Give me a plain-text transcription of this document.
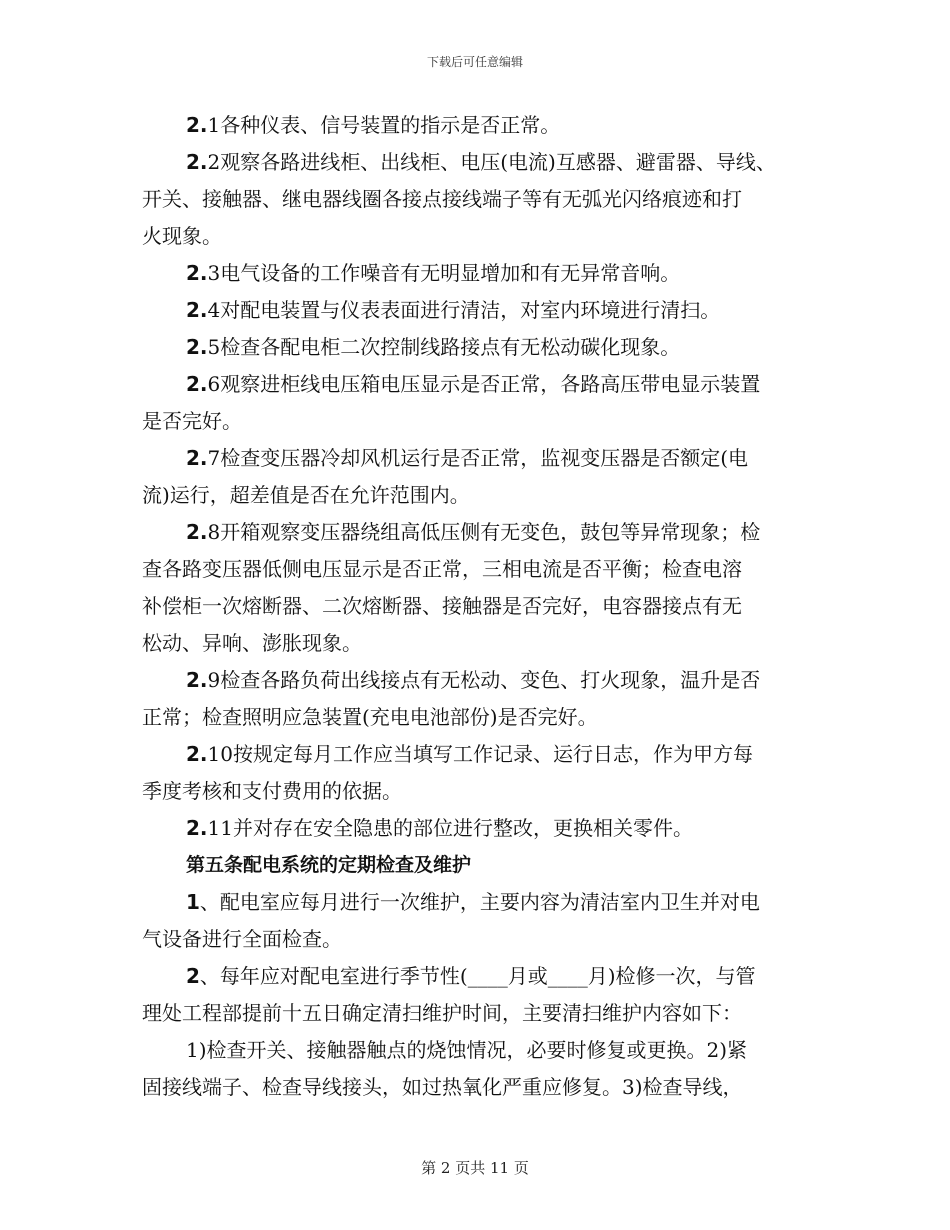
下载后可任意编辑

2.1各种仪表、信号装置的指示是否正常。

2.2观察各路进线柜、出线柜、电压(电流)互感器、避雷器、导线、
开关、接触器、继电器线圈各接点接线端子等有无弧光闪络痕迹和打
火现象。

2.3电气设备的工作噪音有无明显增加和有无异常音响。

2.4对配电装置与仪表表面进行清洁，对室内环境进行清扫。

2.5检查各配电柜二次控制线路接点有无松动碳化现象。

2.6观察进柜线电压箱电压显示是否正常，各路高压带电显示装置
是否完好。

2.7检查变压器冷却风机运行是否正常，监视变压器是否额定(电
流)运行，超差值是否在允许范围内。

2.8开箱观察变压器绕组高低压侧有无变色，鼓包等异常现象；检
查各路变压器低侧电压显示是否正常，三相电流是否平衡；检查电溶
补偿柜一次熔断器、二次熔断器、接触器是否完好，电容器接点有无
松动、异响、澎胀现象。

2.9检查各路负荷出线接点有无松动、变色、打火现象，温升是否
正常；检查照明应急装置(充电电池部份)是否完好。

2.10按规定每月工作应当填写工作记录、运行日志，作为甲方每
季度考核和支付费用的依据。

2.11并对存在安全隐患的部位进行整改，更换相关零件。

第五条配电系统的定期检查及维护

1、配电室应每月进行一次维护，主要内容为清洁室内卫生并对电
气设备进行全面检查。

2、每年应对配电室进行季节性(____月或____月)检修一次，与管
理处工程部提前十五日确定清扫维护时间，主要清扫维护内容如下：

1)检查开关、接触器触点的烧蚀情况，必要时修复或更换。2)紧
固接线端子、检查导线接头，如过热氧化严重应修复。3)检查导线，

第 2 页共 11 页
